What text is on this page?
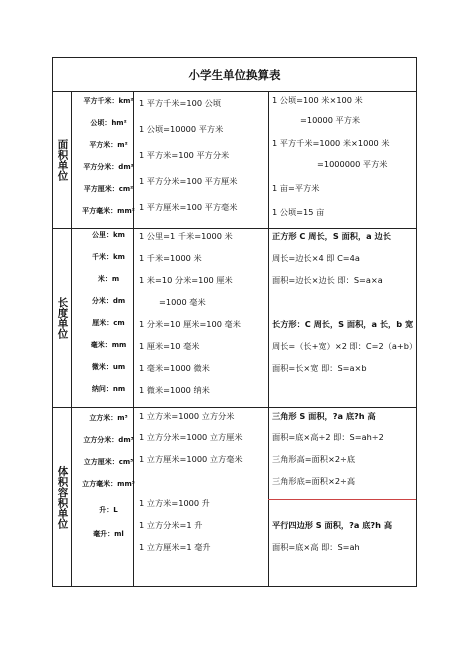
小学生单位换算表
面积单位
平方千米：km²
公顷：hm²
平方米：m²
平方分米：dm²
平方厘米：cm²
平方毫米：mm²
1 平方千米=100 公顷
1 公顷=10000 平方米
1 平方米=100 平方分米
1 平方分米=100 平方厘米
1 平方厘米=100 平方毫米
1 公顷=100 米×100 米
=10000 平方米
1 平方千米=1000 米×1000 米
=1000000 平方米
1 亩=平方米
1 公顷=15 亩
长度单位
公里：km
千米：km
米：m
分米：dm
厘米：cm
毫米：mm
微米：um
纳问：nm
1 公里=1 千米=1000 米
1 千米=1000 米
1 米=10 分米=100 厘米
=1000 毫米
1 分米=10 厘米=100 毫米
1 厘米=10 毫米
1 毫米=1000 微米
1 微米=1000 纳米
正方形 C 周长，S 面积，a 边长
周长=边长×4 即 C=4a
面积=边长×边长 即：S=a×a
长方形：C 周长，S 面积，a 长，b 宽
周长=（长+宽）×2 即：C=2（a+b）
面积=长×宽 即：S=a×b
体积容积单位
立方米：m³
立方分米：dm³
立方厘米：cm³
立方毫米：mm³
升：L
毫升：ml
1 立方米=1000 立方分米
1 立方分米=1000 立方厘米
1 立方厘米=1000 立方毫米
1 立方米=1000 升
1 立方分米=1 升
1 立方厘米=1 毫升
三角形 S 面积，?a 底?h 高
面积=底×高÷2 即：S=ah÷2
三角形高=面积×2÷底
三角形底=面积×2÷高
平行四边形 S 面积，?a 底?h 高
面积=底×高 即：S=ah
